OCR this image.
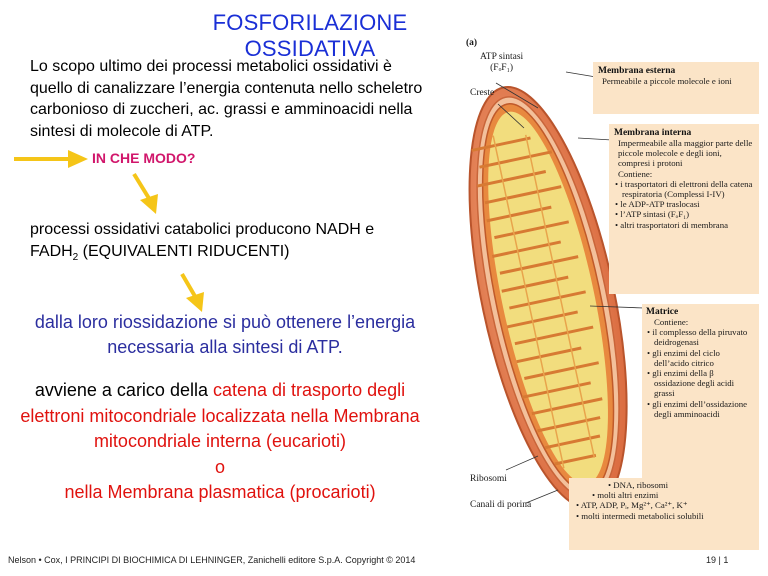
FOSFORILAZIONE OSSIDATIVA
Lo scopo ultimo dei processi metabolici ossidativi è quello di canalizzare l’energia contenuta nello scheletro carbonioso di zuccheri, ac. grassi e amminoacidi nella sintesi di molecole di ATP.
IN CHE MODO?
processi ossidativi catabolici producono NADH e
$FADH_2$ (EQUIVALENTI RIDUCENTI)
dalla loro riossidazione si può ottenere l’energia necessaria alla sintesi di ATP.
avviene a carico della catena di trasporto degli elettroni mitocondriale localizzata nella Membrana mitocondriale interna (eucarioti)
o
nella Membrana plasmatica (procarioti)
Nelson • Cox, I PRINCIPI DI BIOCHIMICA DI LEHNINGER, Zanichelli editore S.p.A. Copyright © 2014	19 | 1
(a)
ATP sintasi
(FₒF₁)
Creste
Ribosomi
Canali di porina
Membrana esterna
Permeabile a piccole molecole e ioni
Membrana interna
Impermeabile alla maggior parte delle piccole molecole e degli ioni, compresi i protoni
Contiene:
• i trasportatori di elettroni della catena respiratoria (Complessi I-IV)
• le ADP-ATP traslocasi
• l’ATP sintasi (FₒF₁)
• altri trasportatori di membrana
Matrice
Contiene:
• il complesso della piruvato deidrogenasi
• gli enzimi del ciclo dell’acido citrico
• gli enzimi della β ossidazione degli acidi grassi
• gli enzimi dell’ossidazione degli amminoacidi
• DNA, ribosomi
• molti altri enzimi
• ATP, ADP, Pᵢ, Mg²⁺, Ca²⁺, K⁺
• molti intermedi metabolici solubili
